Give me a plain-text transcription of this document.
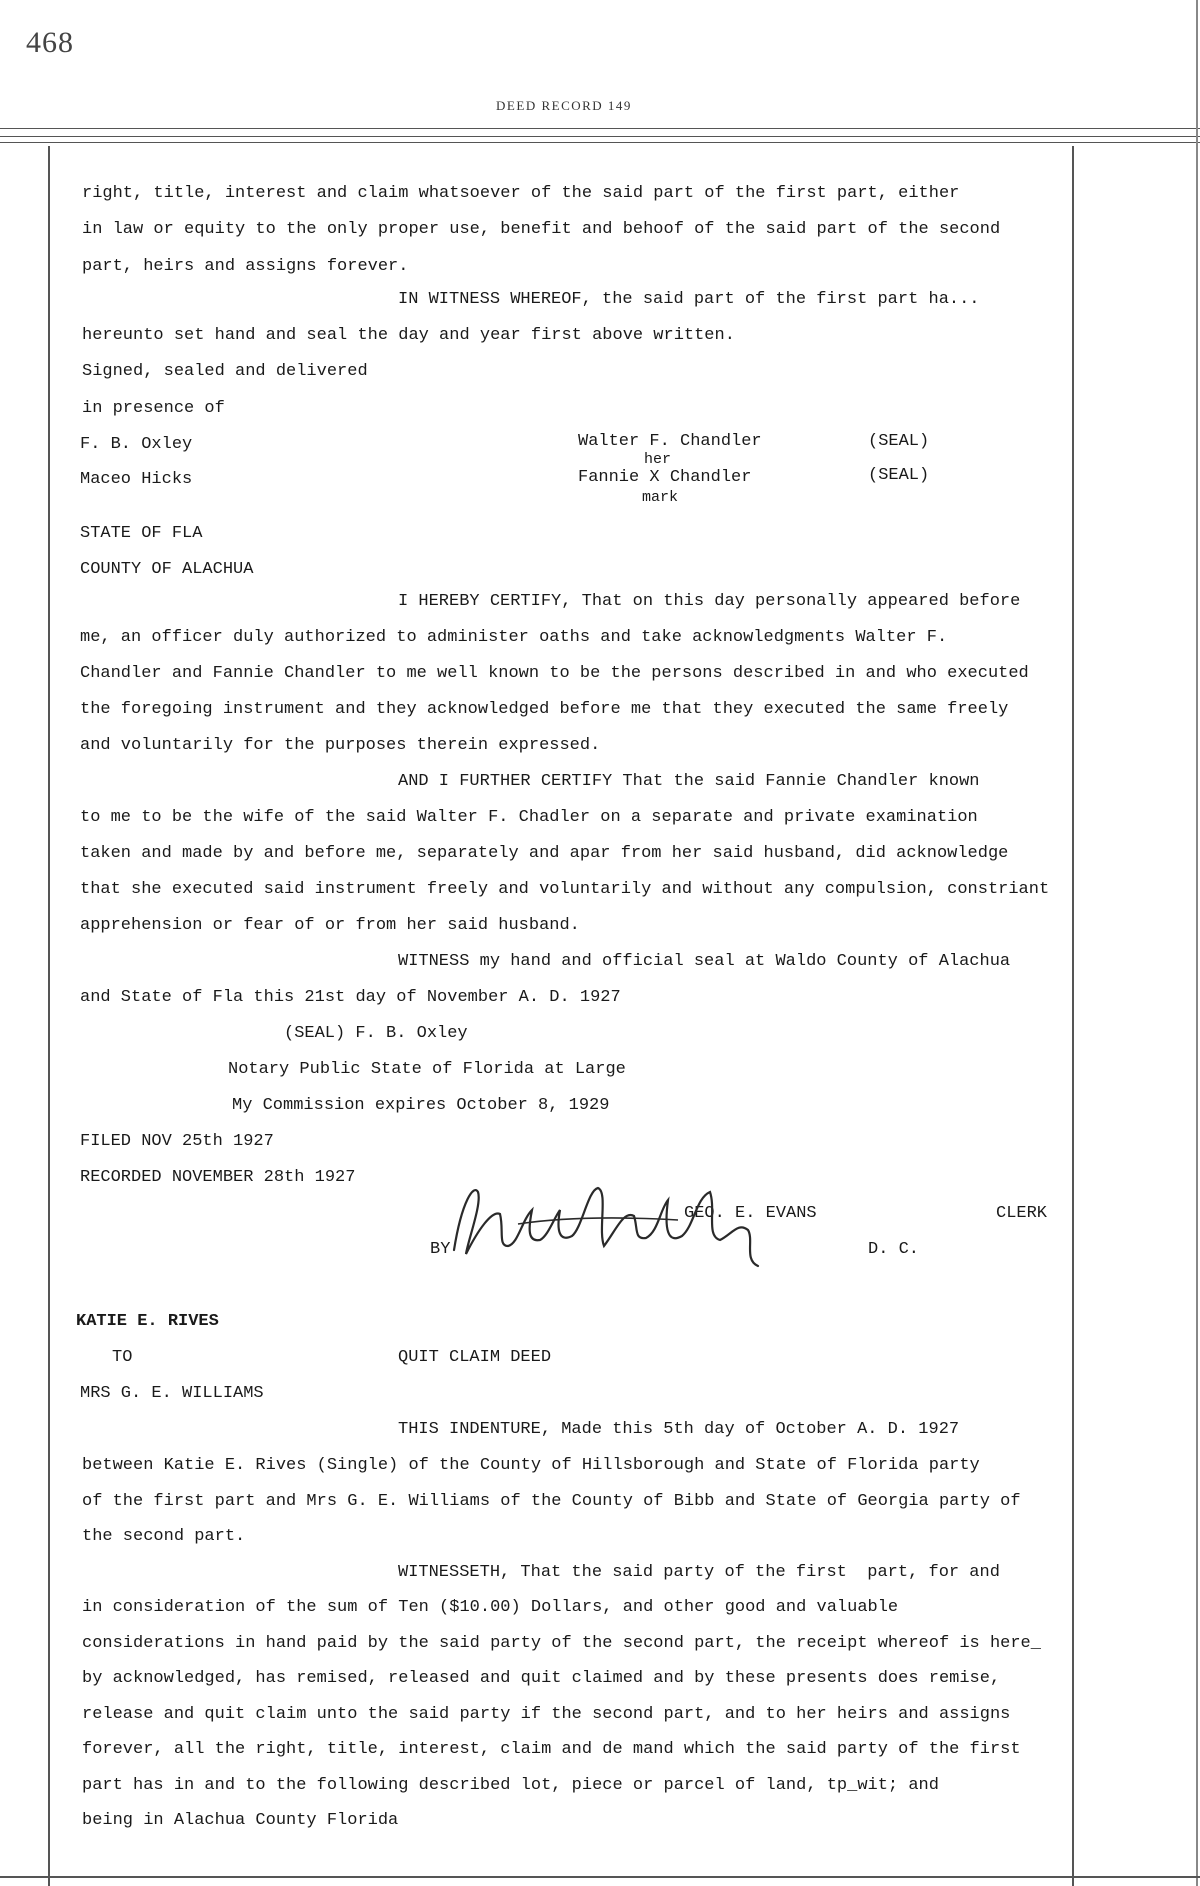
468
DEED RECORD 149
right, title, interest and claim whatsoever of the said part of the first part, either
in law or equity to the only proper use, benefit and behoof of the said part of the second
part, heirs and assigns forever.
IN WITNESS WHEREOF, the said part of the first part ha...
hereunto set hand and seal the day and year first above written.
Signed, sealed and delivered
in presence of
F. B. Oxley
Maceo Hicks
Walter F. Chandler	(SEAL)
her
Fannie X Chandler	(SEAL)
mark
STATE OF FLA
COUNTY OF ALACHUA
I HEREBY CERTIFY, That on this day personally appeared before
me, an officer duly authorized to administer oaths and take acknowledgments Walter F.
Chandler and Fannie Chandler to me well known to be the persons described in and who executed
the foregoing instrument and they acknowledged before me that they executed the same freely
and voluntarily for the purposes therein expressed.
AND I FURTHER CERTIFY That the said Fannie Chandler known
to me to be the wife of the said Walter F. Chadler on a separate and private examination
taken and made by and before me, separately and apar from her said husband, did acknowledge
that she executed said instrument freely and voluntarily and without any compulsion, constriant
apprehension or fear of or from her said husband.
WITNESS my hand and official seal at Waldo County of Alachua
and State of Fla this 21st day of November A. D. 1927
(SEAL) F. B. Oxley
Notary Public State of Florida at Large
My Commission expires October 8, 1929
FILED NOV 25th 1927
RECORDED NOVEMBER 28th 1927
GEO. E. EVANS	CLERK
BY	D. C.
KATIE E. RIVES
TO	QUIT CLAIM DEED
MRS G. E. WILLIAMS
THIS INDENTURE, Made this 5th day of October A. D. 1927
between Katie E. Rives (Single) of the County of Hillsborough and State of Florida party
of the first part and Mrs G. E. Williams of the County of Bibb and State of Georgia party of
the second part.
WITNESSETH, That the said party of the first  part, for and
in consideration of the sum of Ten ($10.00) Dollars, and other good and valuable
considerations in hand paid by the said party of the second part, the receipt whereof is here_
by acknowledged, has remised, released and quit claimed and by these presents does remise,
release and quit claim unto the said party if the second part, and to her heirs and assigns
forever, all the right, title, interest, claim and de mand which the said party of the first
part has in and to the following described lot, piece or parcel of land, tp_wit; and
being in Alachua County Florida
